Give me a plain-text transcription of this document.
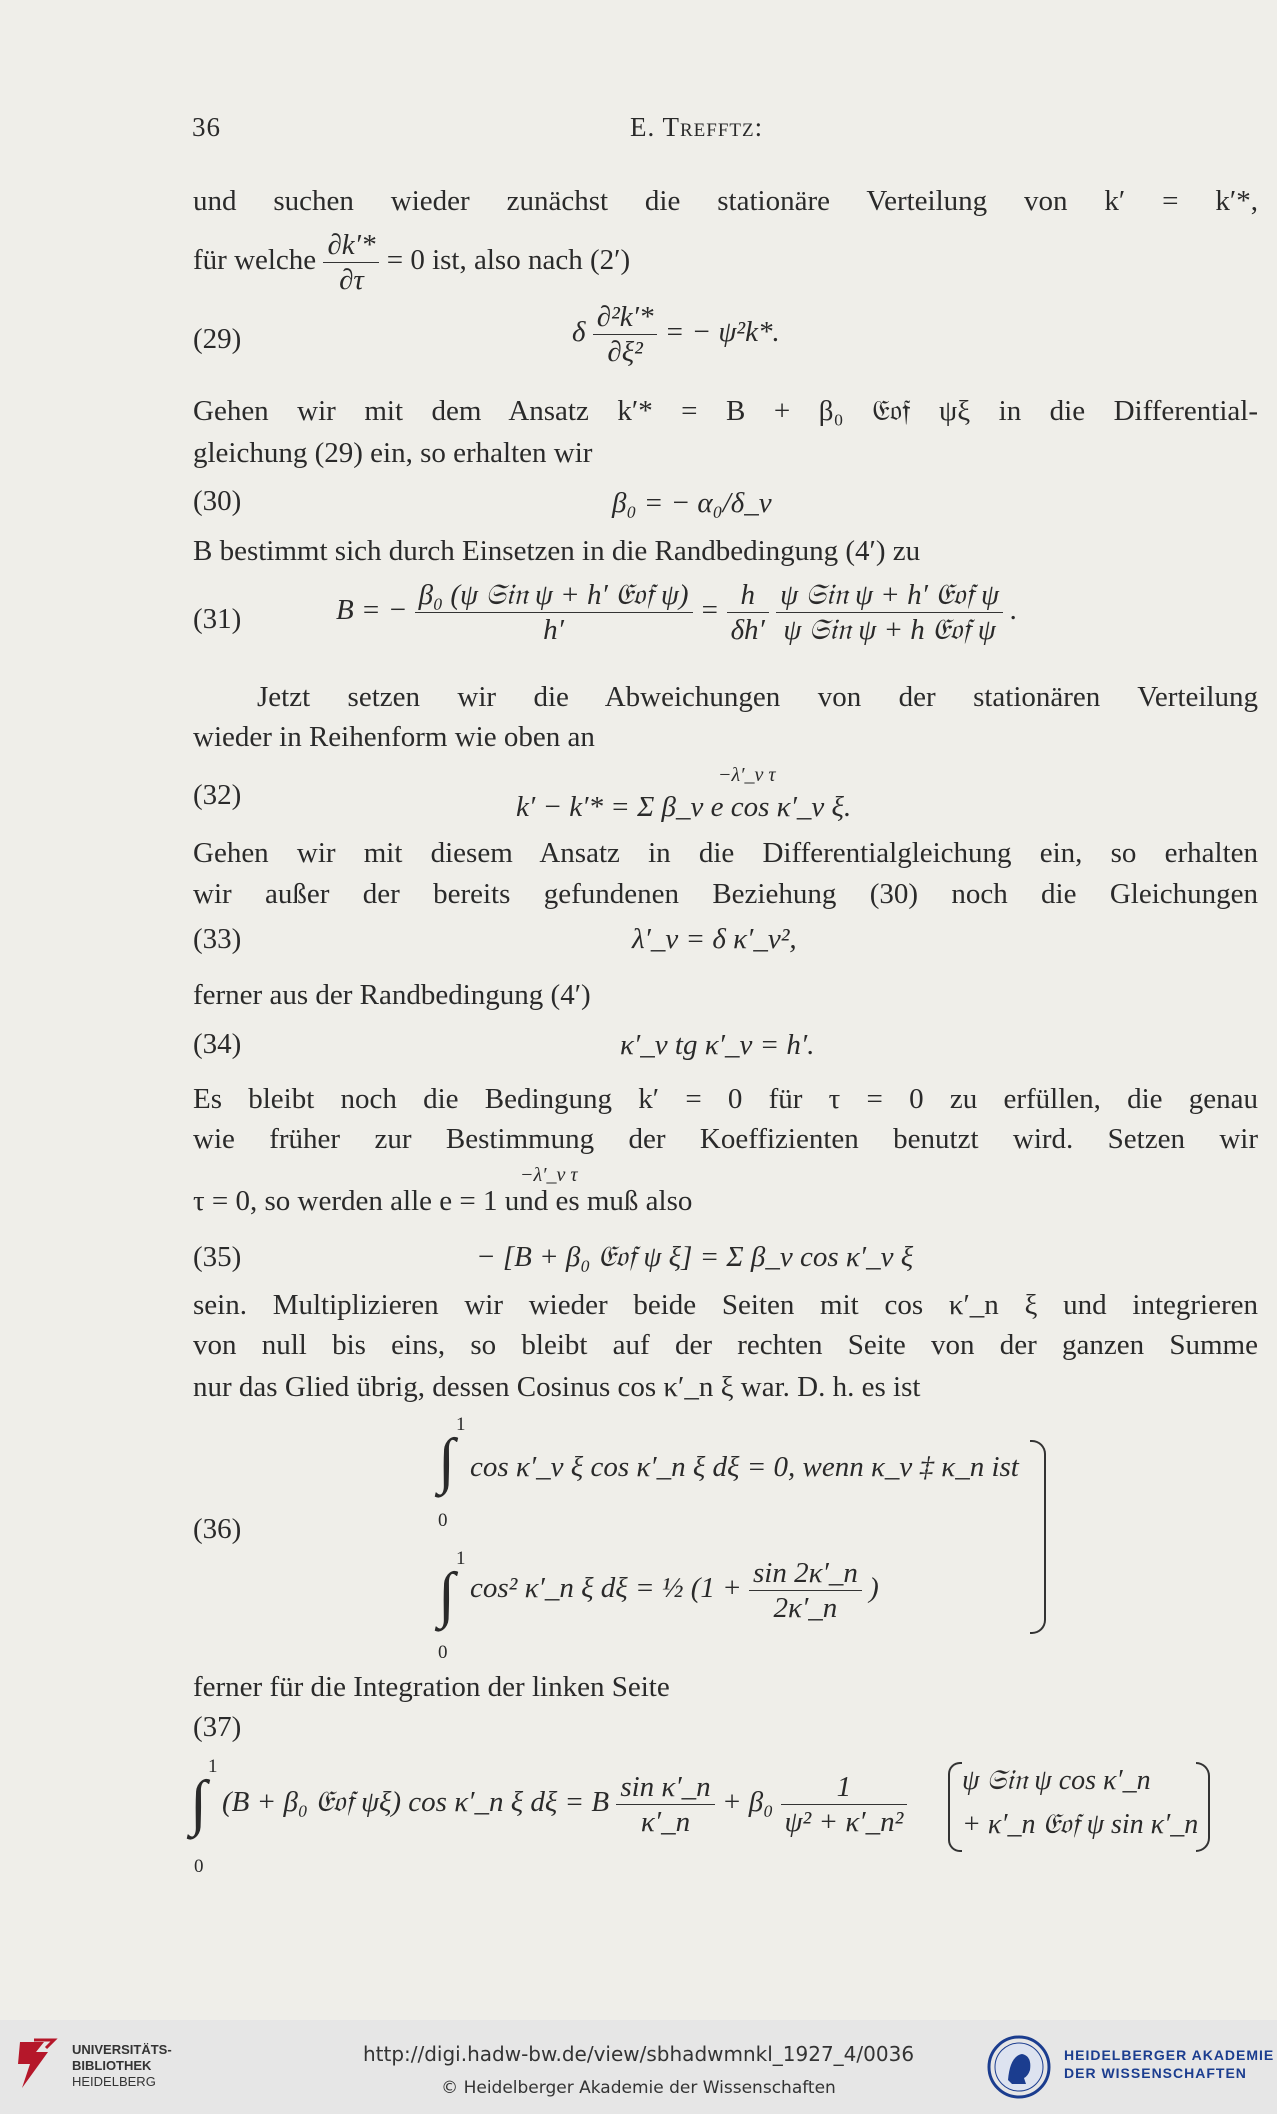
36	E. Trefftz:
und suchen wieder zunächst die stationäre Verteilung von k′ = k′*,
für welche $\frac{\partial k'*}{\partial\tau} = 0$ ist, also nach (2′)
(29)	δ $\frac{\text{∂²k′*}}{\text{∂ξ²}}$ = − ψ²k*.
Gehen wir mit dem Ansatz k′* = B + β₀ 𝔈𝔬𝔣 ψξ in die Differential-
gleichung (29) ein, so erhalten wir
(30)	β₀ = − α₀/δ_ν
B bestimmt sich durch Einsetzen in die Randbedingung (4′) zu
(31)	B = − $\frac{\text{β₀ (ψ 𝔖𝔦𝔫 ψ + h′ 𝔈𝔬𝔣 ψ)}}{h'} = \frac{h}{\delta h'}$
$\frac{\text{ψ 𝔖𝔦𝔫 ψ + h′ 𝔈𝔬𝔣 ψ}}{\text{ψ 𝔖𝔦𝔫 ψ + h 𝔈𝔬𝔣 ψ}}$ .
Jetzt setzen wir die Abweichungen von der stationären Verteilung
wieder in Reihenform wie oben an
(32)
−λ′_ν τ
k′ − k′* = Σ β_ν e cos κ′_ν ξ.
Gehen wir mit diesem Ansatz in die Differentialgleichung ein, so erhalten
wir außer der bereits gefundenen Beziehung (30) noch die Gleichungen
(33)	λ′_ν = δ κ′_ν²,
ferner aus der Randbedingung (4′)
(34)	κ′_ν tg κ′_ν = h′.
Es bleibt noch die Bedingung k′ = 0 für τ = 0 zu erfüllen, die genau
wie früher zur Bestimmung der Koeffizienten benutzt wird. Setzen wir
−λ′_ν τ
τ = 0, so werden alle e = 1 und es muß also
(35)	− [B + β₀ 𝔈𝔬𝔣 ψ ξ] = Σ β_ν cos κ′_ν ξ
sein. Multiplizieren wir wieder beide Seiten mit cos κ′_n ξ und integrieren
von null bis eins, so bleibt auf der rechten Seite von der ganzen Summe
nur das Glied übrig, dessen Cosinus cos κ′_n ξ war. D. h. es ist
(36)
1
∫
0
cos κ′_ν ξ cos κ′_n ξ dξ = 0, wenn κ_ν ‡ κ_n ist
1
∫
0
cos² κ′_n ξ dξ = ½ ($1 + \frac{\sin 2\kappa'\_n}{2\kappa'\_n}$ )
ferner für die Integration der linken Seite
(37)
1
∫
0
(B + β₀ 𝔈𝔬𝔣 ψξ) cos κ′_n ξ dξ = B $\frac{\text{sin κ′\_n}}{\kappa'\_n} + \beta_0 \frac{1}{\text{ψ² + κ′\_n²}}$ ψ 𝔖𝔦𝔫 ψ cos κ′_n
+ κ′_n 𝔈𝔬𝔣 ψ sin κ′_n
UNIVERSITÄTS-
BIBLIOTHEK
HEIDELBERG
http://digi.hadw-bw.de/view/sbhadwmnkl_1927_4/0036
© Heidelberger Akademie der Wissenschaften
HEIDELBERGER AKADEMIE
DER WISSENSCHAFTEN
